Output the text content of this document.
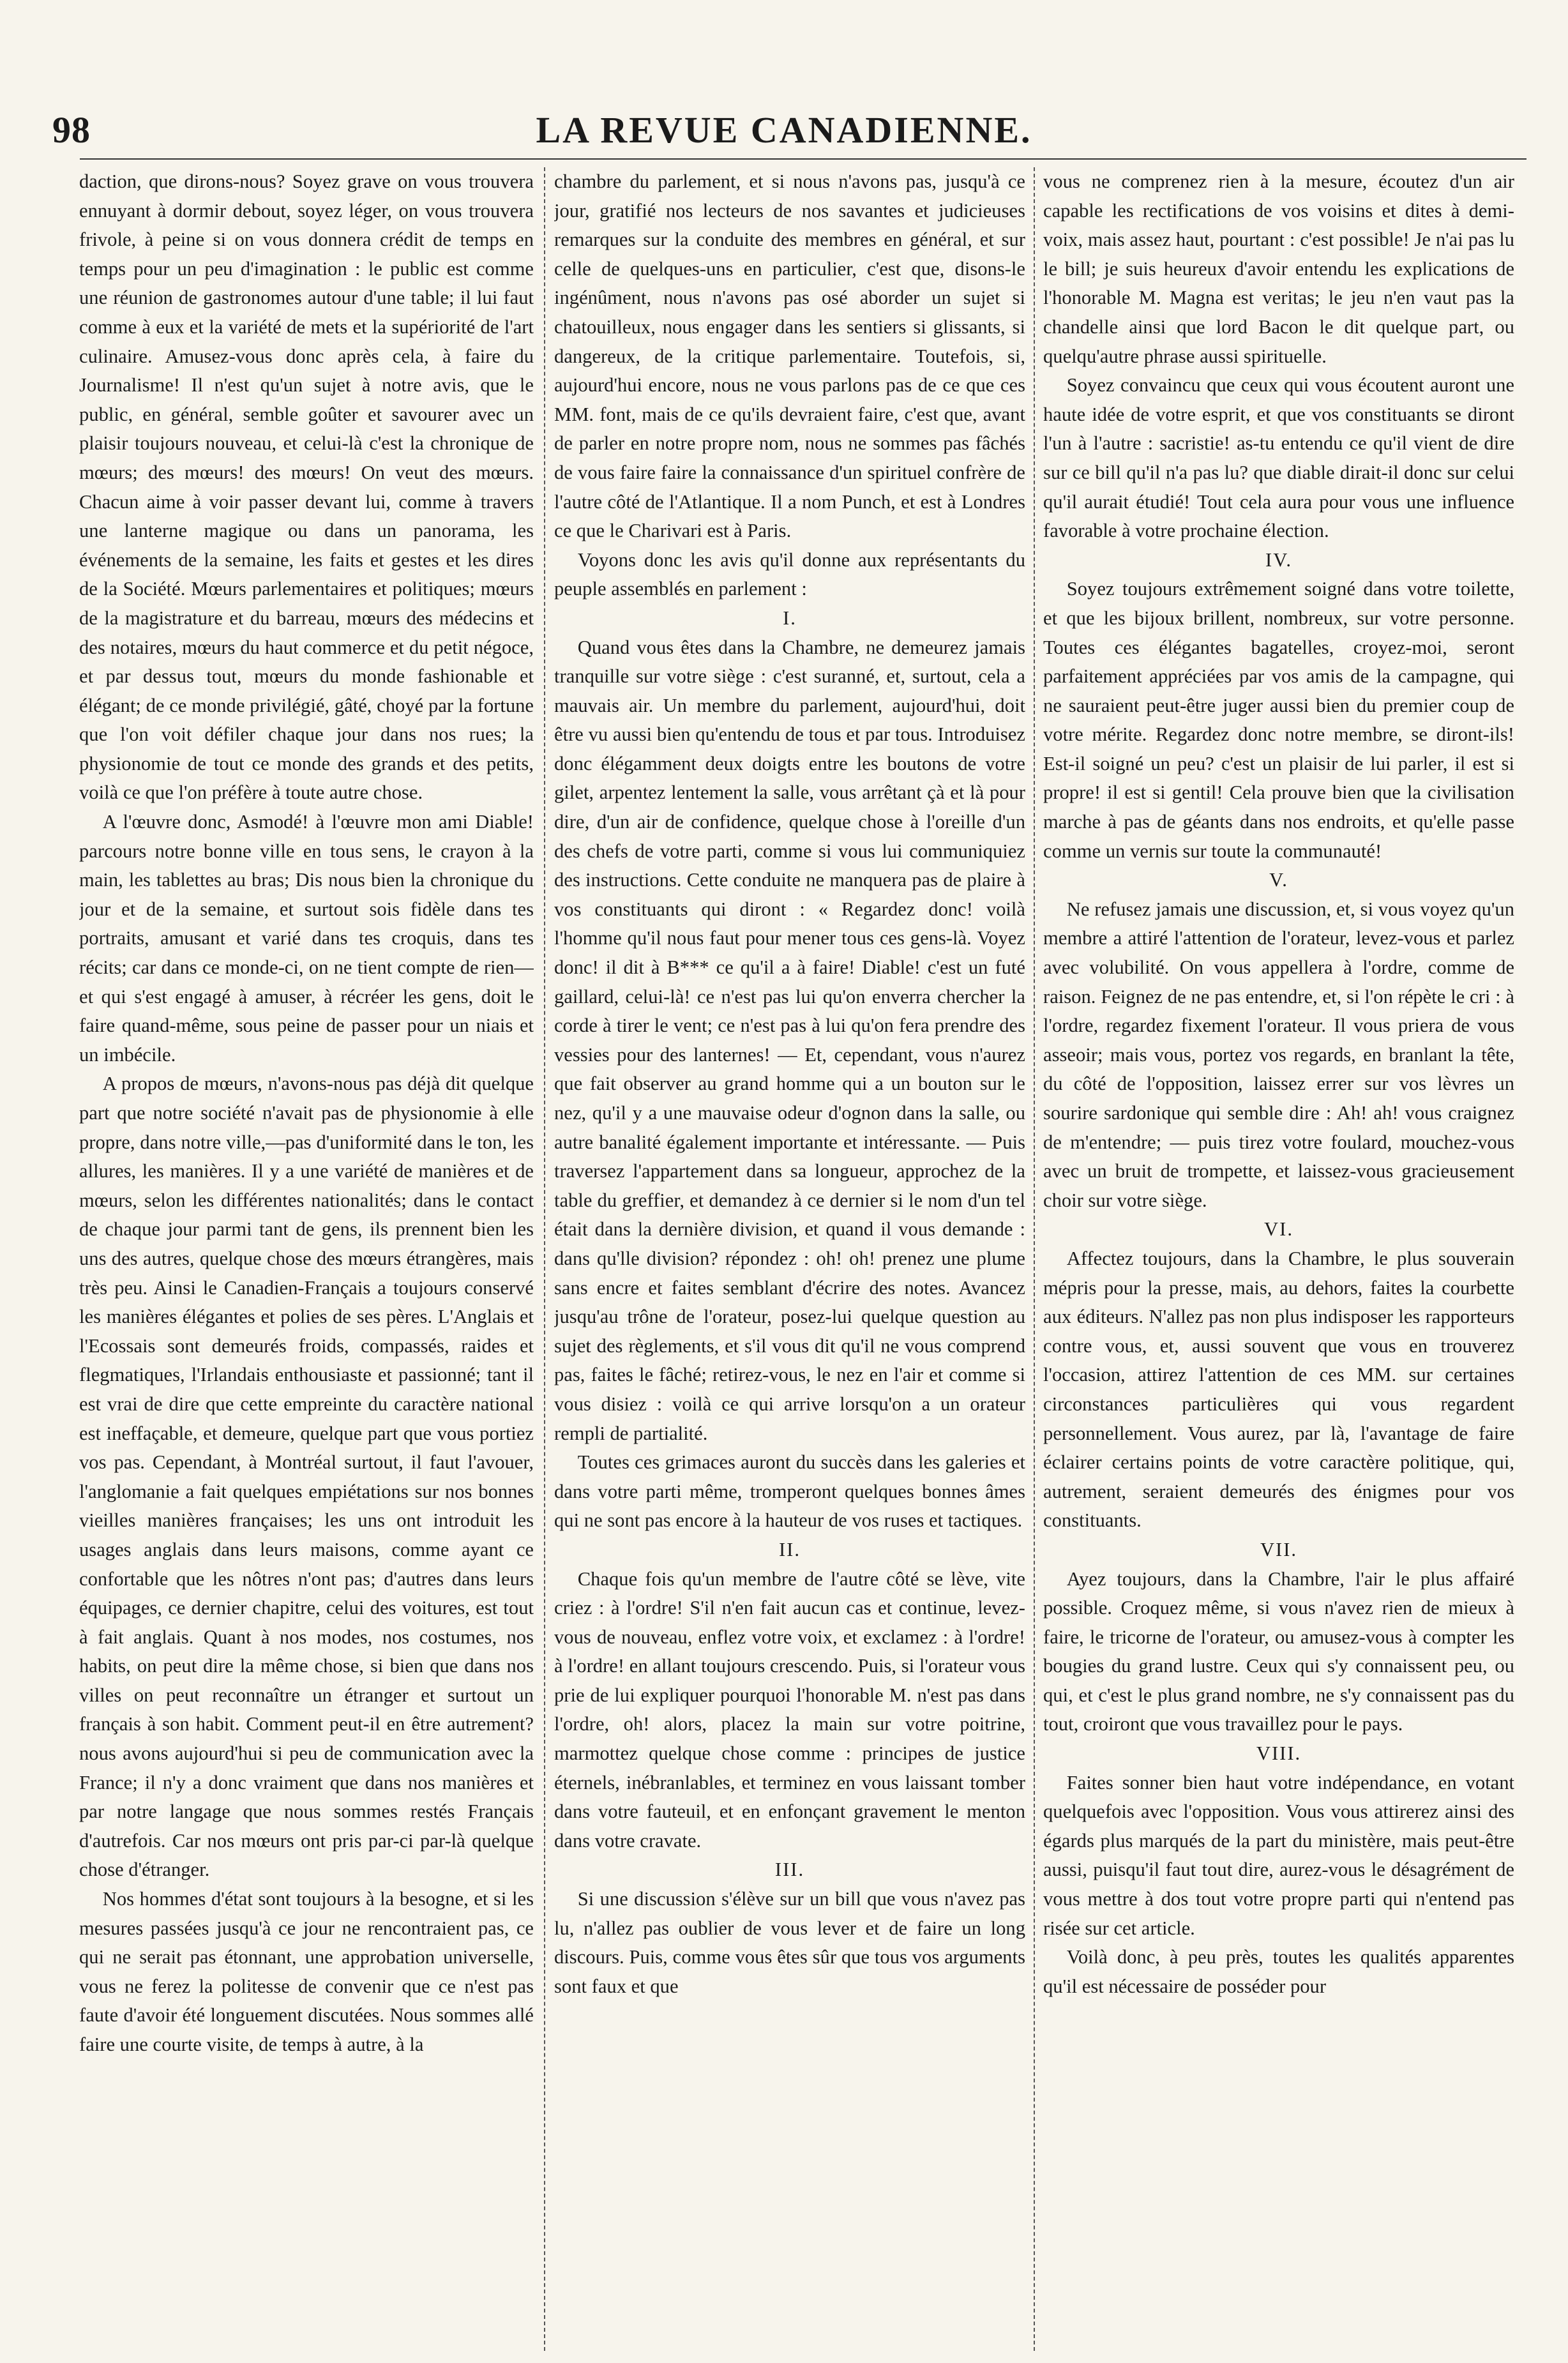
98	LA REVUE CANADIENNE.

daction, que dirons-nous? Soyez grave on vous trouvera ennuyant à dormir debout, soyez léger, on vous trouvera frivole, à peine si on vous donnera crédit de temps en temps pour un peu d'imagination : le public est comme une réunion de gastronomes autour d'une table; il lui faut comme à eux et la variété de mets et la supériorité de l'art culinaire. Amusez-vous donc après cela, à faire du Journalisme! Il n'est qu'un sujet à notre avis, que le public, en général, semble goûter et savourer avec un plaisir toujours nouveau, et celui-là c'est la chronique de mœurs; des mœurs! des mœurs! On veut des mœurs. Chacun aime à voir passer devant lui, comme à travers une lanterne magique ou dans un panorama, les événements de la semaine, les faits et gestes et les dires de la Société. Mœurs parlementaires et politiques; mœurs de la magistrature et du barreau, mœurs des médecins et des notaires, mœurs du haut commerce et du petit négoce, et par dessus tout, mœurs du monde fashionable et élégant; de ce monde privilégié, gâté, choyé par la fortune que l'on voit défiler chaque jour dans nos rues; la physionomie de tout ce monde des grands et des petits, voilà ce que l'on préfère à toute autre chose.

A l'œuvre donc, Asmodé! à l'œuvre mon ami Diable! parcours notre bonne ville en tous sens, le crayon à la main, les tablettes au bras; Dis nous bien la chronique du jour et de la semaine, et surtout sois fidèle dans tes portraits, amusant et varié dans tes croquis, dans tes récits; car dans ce monde-ci, on ne tient compte de rien— et qui s'est engagé à amuser, à récréer les gens, doit le faire quand-même, sous peine de passer pour un niais et un imbécile.

A propos de mœurs, n'avons-nous pas déjà dit quelque part que notre société n'avait pas de physionomie à elle propre, dans notre ville,—pas d'uniformité dans le ton, les allures, les manières. Il y a une variété de manières et de mœurs, selon les différentes nationalités; dans le contact de chaque jour parmi tant de gens, ils prennent bien les uns des autres, quelque chose des mœurs étrangères, mais très peu. Ainsi le Canadien-Français a toujours conservé les manières élégantes et polies de ses pères. L'Anglais et l'Ecossais sont demeurés froids, compassés, raides et flegmatiques, l'Irlandais enthousiaste et passionné; tant il est vrai de dire que cette empreinte du caractère national est ineffaçable, et demeure, quelque part que vous portiez vos pas. Cependant, à Montréal surtout, il faut l'avouer, l'anglomanie a fait quelques empiétations sur nos bonnes vieilles manières françaises; les uns ont introduit les usages anglais dans leurs maisons, comme ayant ce confortable que les nôtres n'ont pas; d'autres dans leurs équipages, ce dernier chapitre, celui des voitures, est tout à fait anglais. Quant à nos modes, nos costumes, nos habits, on peut dire la même chose, si bien que dans nos villes on peut reconnaître un étranger et surtout un français à son habit. Comment peut-il en être autrement? nous avons aujourd'hui si peu de communication avec la France; il n'y a donc vraiment que dans nos manières et par notre langage que nous sommes restés Français d'autrefois. Car nos mœurs ont pris par-ci par-là quelque chose d'étranger.

Nos hommes d'état sont toujours à la besogne, et si les mesures passées jusqu'à ce jour ne rencontraient pas, ce qui ne serait pas étonnant, une approbation universelle, vous ne ferez la politesse de convenir que ce n'est pas faute d'avoir été longuement discutées. Nous sommes allé faire une courte visite, de temps à autre, à la

chambre du parlement, et si nous n'avons pas, jusqu'à ce jour, gratifié nos lecteurs de nos savantes et judicieuses remarques sur la conduite des membres en général, et sur celle de quelques-uns en particulier, c'est que, disons-le ingénûment, nous n'avons pas osé aborder un sujet si chatouilleux, nous engager dans les sentiers si glissants, si dangereux, de la critique parlementaire. Toutefois, si, aujourd'hui encore, nous ne vous parlons pas de ce que ces MM. font, mais de ce qu'ils devraient faire, c'est que, avant de parler en notre propre nom, nous ne sommes pas fâchés de vous faire faire la connaissance d'un spirituel confrère de l'autre côté de l'Atlantique. Il a nom Punch, et est à Londres ce que le Charivari est à Paris.

Voyons donc les avis qu'il donne aux représentants du peuple assemblés en parlement :

I.

Quand vous êtes dans la Chambre, ne demeurez jamais tranquille sur votre siège : c'est suranné, et, surtout, cela a mauvais air. Un membre du parlement, aujourd'hui, doit être vu aussi bien qu'entendu de tous et par tous. Introduisez donc élégamment deux doigts entre les boutons de votre gilet, arpentez lentement la salle, vous arrêtant çà et là pour dire, d'un air de confidence, quelque chose à l'oreille d'un des chefs de votre parti, comme si vous lui communiquiez des instructions. Cette conduite ne manquera pas de plaire à vos constituants qui diront : « Regardez donc! voilà l'homme qu'il nous faut pour mener tous ces gens-là. Voyez donc! il dit à B*** ce qu'il a à faire! Diable! c'est un futé gaillard, celui-là! ce n'est pas lui qu'on enverra chercher la corde à tirer le vent; ce n'est pas à lui qu'on fera prendre des vessies pour des lanternes! — Et, cependant, vous n'aurez que fait observer au grand homme qui a un bouton sur le nez, qu'il y a une mauvaise odeur d'ognon dans la salle, ou autre banalité également importante et intéressante. — Puis traversez l'appartement dans sa longueur, approchez de la table du greffier, et demandez à ce dernier si le nom d'un tel était dans la dernière division, et quand il vous demande : dans qu'lle division? répondez : oh! oh! prenez une plume sans encre et faites semblant d'écrire des notes. Avancez jusqu'au trône de l'orateur, posez-lui quelque question au sujet des règlements, et s'il vous dit qu'il ne vous comprend pas, faites le fâché; retirez-vous, le nez en l'air et comme si vous disiez : voilà ce qui arrive lorsqu'on a un orateur rempli de partialité.

Toutes ces grimaces auront du succès dans les galeries et dans votre parti même, tromperont quelques bonnes âmes qui ne sont pas encore à la hauteur de vos ruses et tactiques.

II.

Chaque fois qu'un membre de l'autre côté se lève, vite criez : à l'ordre! S'il n'en fait aucun cas et continue, levez-vous de nouveau, enflez votre voix, et exclamez : à l'ordre! à l'ordre! en allant toujours crescendo. Puis, si l'orateur vous prie de lui expliquer pourquoi l'honorable M. n'est pas dans l'ordre, oh! alors, placez la main sur votre poitrine, marmottez quelque chose comme : principes de justice éternels, inébranlables, et terminez en vous laissant tomber dans votre fauteuil, et en enfonçant gravement le menton dans votre cravate.

III.

Si une discussion s'élève sur un bill que vous n'avez pas lu, n'allez pas oublier de vous lever et de faire un long discours. Puis, comme vous êtes sûr que tous vos arguments sont faux et que

vous ne comprenez rien à la mesure, écoutez d'un air capable les rectifications de vos voisins et dites à demi-voix, mais assez haut, pourtant : c'est possible! Je n'ai pas lu le bill; je suis heureux d'avoir entendu les explications de l'honorable M. Magna est veritas; le jeu n'en vaut pas la chandelle ainsi que lord Bacon le dit quelque part, ou quelqu'autre phrase aussi spirituelle.

Soyez convaincu que ceux qui vous écoutent auront une haute idée de votre esprit, et que vos constituants se diront l'un à l'autre : sacristie! as-tu entendu ce qu'il vient de dire sur ce bill qu'il n'a pas lu? que diable dirait-il donc sur celui qu'il aurait étudié! Tout cela aura pour vous une influence favorable à votre prochaine élection.

IV.

Soyez toujours extrêmement soigné dans votre toilette, et que les bijoux brillent, nombreux, sur votre personne. Toutes ces élégantes bagatelles, croyez-moi, seront parfaitement appréciées par vos amis de la campagne, qui ne sauraient peut-être juger aussi bien du premier coup de votre mérite. Regardez donc notre membre, se diront-ils! Est-il soigné un peu? c'est un plaisir de lui parler, il est si propre! il est si gentil! Cela prouve bien que la civilisation marche à pas de géants dans nos endroits, et qu'elle passe comme un vernis sur toute la communauté!

V.

Ne refusez jamais une discussion, et, si vous voyez qu'un membre a attiré l'attention de l'orateur, levez-vous et parlez avec volubilité. On vous appellera à l'ordre, comme de raison. Feignez de ne pas entendre, et, si l'on répète le cri : à l'ordre, regardez fixement l'orateur. Il vous priera de vous asseoir; mais vous, portez vos regards, en branlant la tête, du côté de l'opposition, laissez errer sur vos lèvres un sourire sardonique qui semble dire : Ah! ah! vous craignez de m'entendre; — puis tirez votre foulard, mouchez-vous avec un bruit de trompette, et laissez-vous gracieusement choir sur votre siège.

VI.

Affectez toujours, dans la Chambre, le plus souverain mépris pour la presse, mais, au dehors, faites la courbette aux éditeurs. N'allez pas non plus indisposer les rapporteurs contre vous, et, aussi souvent que vous en trouverez l'occasion, attirez l'attention de ces MM. sur certaines circonstances particulières qui vous regardent personnellement. Vous aurez, par là, l'avantage de faire éclairer certains points de votre caractère politique, qui, autrement, seraient demeurés des énigmes pour vos constituants.

VII.

Ayez toujours, dans la Chambre, l'air le plus affairé possible. Croquez même, si vous n'avez rien de mieux à faire, le tricorne de l'orateur, ou amusez-vous à compter les bougies du grand lustre. Ceux qui s'y connaissent peu, ou qui, et c'est le plus grand nombre, ne s'y connaissent pas du tout, croiront que vous travaillez pour le pays.

VIII.

Faites sonner bien haut votre indépendance, en votant quelquefois avec l'opposition. Vous vous attirerez ainsi des égards plus marqués de la part du ministère, mais peut-être aussi, puisqu'il faut tout dire, aurez-vous le désagrément de vous mettre à dos tout votre propre parti qui n'entend pas risée sur cet article.

Voilà donc, à peu près, toutes les qualités apparentes qu'il est nécessaire de posséder pour
